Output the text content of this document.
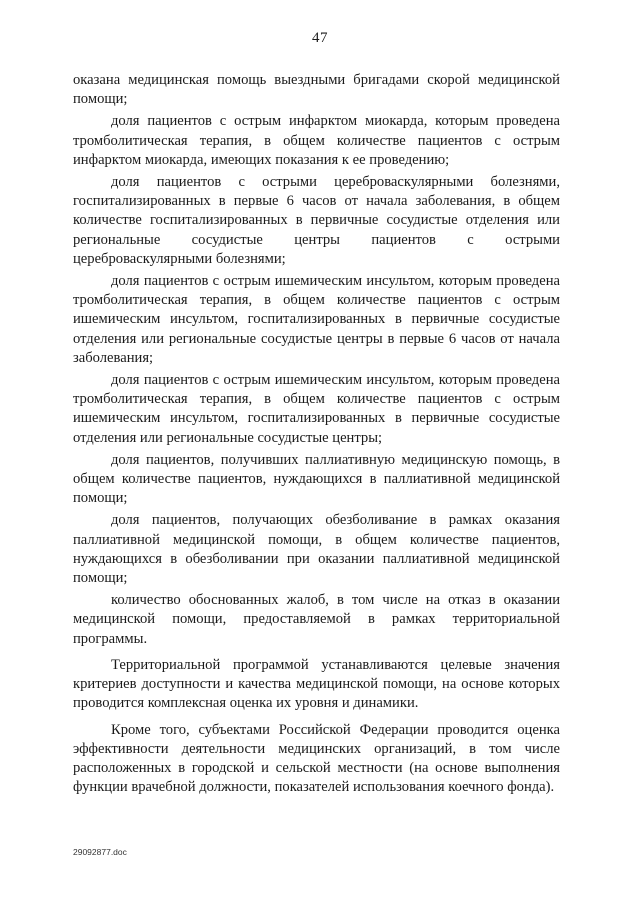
47

оказана медицинская помощь выездными бригадами скорой медицинской помощи;

доля пациентов с острым инфарктом миокарда, которым проведена тромболитическая терапия, в общем количестве пациентов с острым инфарктом миокарда, имеющих показания к ее проведению;

доля пациентов с острыми цереброваскулярными болезнями, госпитализированных в первые 6 часов от начала заболевания, в общем количестве госпитализированных в первичные сосудистые отделения или региональные сосудистые центры пациентов с острыми цереброваскулярными болезнями;

доля пациентов с острым ишемическим инсультом, которым проведена тромболитическая терапия, в общем количестве пациентов с острым ишемическим инсультом, госпитализированных в первичные сосудистые отделения или региональные сосудистые центры в первые 6 часов от начала заболевания;

доля пациентов с острым ишемическим инсультом, которым проведена тромболитическая терапия, в общем количестве пациентов с острым ишемическим инсультом, госпитализированных в первичные сосудистые отделения или региональные сосудистые центры;

доля пациентов, получивших паллиативную медицинскую помощь, в общем количестве пациентов, нуждающихся в паллиативной медицинской помощи;

доля пациентов, получающих обезболивание в рамках оказания паллиативной медицинской помощи, в общем количестве пациентов, нуждающихся в обезболивании при оказании паллиативной медицинской помощи;

количество обоснованных жалоб, в том числе на отказ в оказании медицинской помощи, предоставляемой в рамках территориальной программы.

Территориальной программой устанавливаются целевые значения критериев доступности и качества медицинской помощи, на основе которых проводится комплексная оценка их уровня и динамики.

Кроме того, субъектами Российской Федерации проводится оценка эффективности деятельности медицинских организаций, в том числе расположенных в городской и сельской местности (на основе выполнения функции врачебной должности, показателей использования коечного фонда).

29092877.doc
